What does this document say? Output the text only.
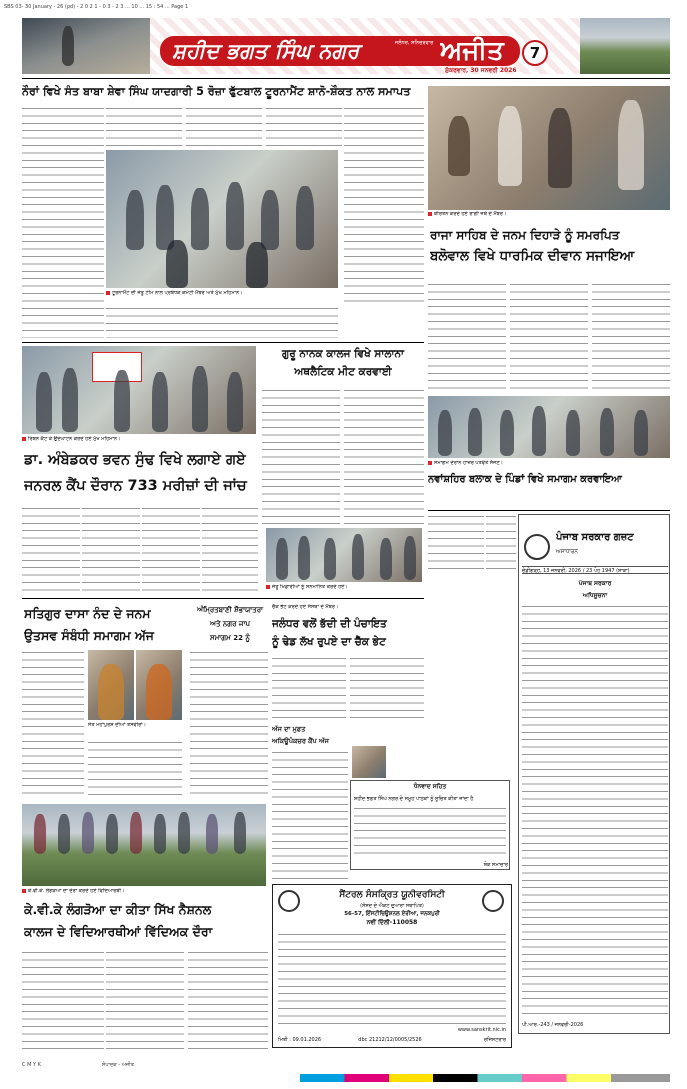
SBS 03- 30 January - 26 (pd) - 2 0 2 1 - 0 3 - 2 3 ... 10 ... 15 : 54 ... Page 1
ਸ਼ਹੀਦ ਭਗਤ ਸਿੰਘ ਨਗਰ	ਜਲੰਧਰ, ਸ਼ਨਿਚਰਵਾਰ ਅਜੀਤ
ਸ਼ੁੱਕਰਵਾਰ, 30 ਜਨਵਰੀ 2026
7
ਨੌਰਾਂ ਵਿਖੇ ਸੰਤ ਬਾਬਾ ਸ਼ੇਵਾ ਸਿੰਘ ਯਾਦਗਾਰੀ 5 ਰੋਜ਼ਾ ਫੁੱਟਬਾਲ ਟੂਰਨਾਮੈਂਟ ਸ਼ਾਨੋ-ਸ਼ੌਕਤ ਨਾਲ ਸਮਾਪਤ
ਟੂਰਨਾਮੈਂਟ ਦੀ ਜੇਤੂ ਟੀਮ ਨਾਲ ਪ੍ਰਬੰਧਕ ਕਮੇਟੀ ਮੈਂਬਰ ਅਤੇ ਮੁੱਖ ਮਹਿਮਾਨ।
ਕੀਰਤਨ ਕਰਦੇ ਹੋਏ ਰਾਗੀ ਜਥੇ ਦੇ ਮੈਂਬਰ।
ਰਾਜਾ ਸਾਹਿਬ ਦੇ ਜਨਮ ਦਿਹਾੜੇ ਨੂੰ ਸਮਰਪਿਤ
ਬਲੋਵਾਲ ਵਿਖੇ ਧਾਰਮਿਕ ਦੀਵਾਨ ਸਜਾਇਆ
ਰਿਬਨ ਕੱਟ ਕੇ ਉਦਘਾਟਨ ਕਰਦੇ ਹੋਏ ਮੁੱਖ ਮਹਿਮਾਨ।
ਡਾ. ਅੰਬੇਡਕਰ ਭਵਨ ਸੁੰਢ ਵਿਖੇ ਲਗਾਏ ਗਏ
ਜਨਰਲ ਕੈਂਪ ਦੌਰਾਨ 733 ਮਰੀਜ਼ਾਂ ਦੀ ਜਾਂਚ
ਗੁਰੂ ਨਾਨਕ ਕਾਲਜ ਵਿਖੇ ਸਾਲਾਨਾ
ਅਥਲੈਟਿਕ ਮੀਟ ਕਰਵਾਈ
ਜੇਤੂ ਖਿਡਾਰੀਆਂ ਨੂੰ ਸਨਮਾਨਿਤ ਕਰਦੇ ਹੋਏ।
ਸਮਾਗਮ ਦੌਰਾਨ ਹਾਜ਼ਰ ਪਤਵੰਤੇ ਸੱਜਣ।
ਨਵਾਂਸ਼ਹਿਰ ਬਲਾਕ ਦੇ ਪਿੰਡਾਂ ਵਿਖੇ ਸਮਾਗਮ ਕਰਵਾਇਆ
ਪੰਜਾਬ ਸਰਕਾਰ ਗਜ਼ਟ
ਅਸਾਧਾਰਨ
ਚੰਡੀਗੜ੍ਹ, 13 ਜਨਵਰੀ, 2026 / 23 ਪੋਹ 1947 (ਸ਼ਾਕਾ)
ਪੰਜਾਬ ਸਰਕਾਰ
ਅਧਿਸੂਚਨਾ
ਪੀ.ਆਰ.-243 / ਜਨਵਰੀ-2026
ਸਤਿਗੁਰ ਦਾਸਾ ਨੰਦ ਦੇ ਜਨਮ
ਉਤਸਵ ਸੰਬੰਧੀ ਸਮਾਗਮ ਅੱਜ
ਸੰਤ ਮਹਾਂਪੁਰਸ਼ ਦੀਆਂ ਤਸਵੀਰਾਂ।
ਅੰਮ੍ਰਿਤਬਾਣੀ ਸ਼ੌਭਾਯਾਤਰਾ
ਅਤੇ ਨਗਰ ਜਾਪ
ਸਮਾਗਮ 22 ਨੂੰ
ਜਲੰਧਰ ਵਲੋਂ ਭੱਦੀ ਦੀ ਪੰਚਾਇਤ
ਨੂੰ ਢੇਡ ਲੱਖ ਰੁਪਏ ਦਾ ਚੈੱਕ ਭੇਟ
ਚੈੱਕ ਭੇਟ ਕਰਦੇ ਹੋਏ ਸੰਸਥਾ ਦੇ ਮੈਂਬਰ।
ਅੱਜ ਦਾ ਮੁਫ਼ਤ
ਅਕਿਊਪੰਕਚਰ ਕੈਂਪ ਅੱਜ
ਧੰਨਵਾਦ ਸਹਿਤ
ਸ਼ਹੀਦ ਭਗਤ ਸਿੰਘ ਨਗਰ ਦੇ ਸਮੂਹ ਪਾਠਕਾਂ ਨੂੰ ਸੂਚਿਤ ਕੀਤਾ ਜਾਂਦਾ ਹੈ
ਸ਼ੋਕ ਸਮਾਚਾਰ
ਕੇ.ਵੀ.ਕੇ. ਲੰਗੜੋਆ ਦਾ ਦੌਰਾ ਕਰਦੇ ਹੋਏ ਵਿਦਿਆਰਥੀ।
ਕੇ.ਵੀ.ਕੇ ਲੰਗੜੋਆ ਦਾ ਕੀਤਾ ਸਿੱਖ ਨੈਸ਼ਨਲ
ਕਾਲਜ ਦੇ ਵਿਦਿਆਰਥੀਆਂ ਵਿੱਦਿਅਕ ਦੌਰਾ
ਸੈਂਟਰਲ ਸੰਸਕ੍ਰਿਤ ਯੂਨੀਵਰਸਿਟੀ
(ਸੰਸਦ ਦੇ ਐਕਟ ਦੁਆਰਾ ਸਥਾਪਿਤ)
56-57, ਇੰਸਟੀਚਿਊਸ਼ਨਲ ਏਰੀਆ, ਜਨਕਪੁਰੀ
ਨਵੀਂ ਦਿੱਲੀ-110058
www.sanskrit.nic.in
ਮਿਤੀ : 09.01.2026	dbc 21212/12/0005/2526	ਰਜਿਸਟਰਾਰ
C M Y K	ਸੰਪਾਦਕ - ਅਜੀਤ
